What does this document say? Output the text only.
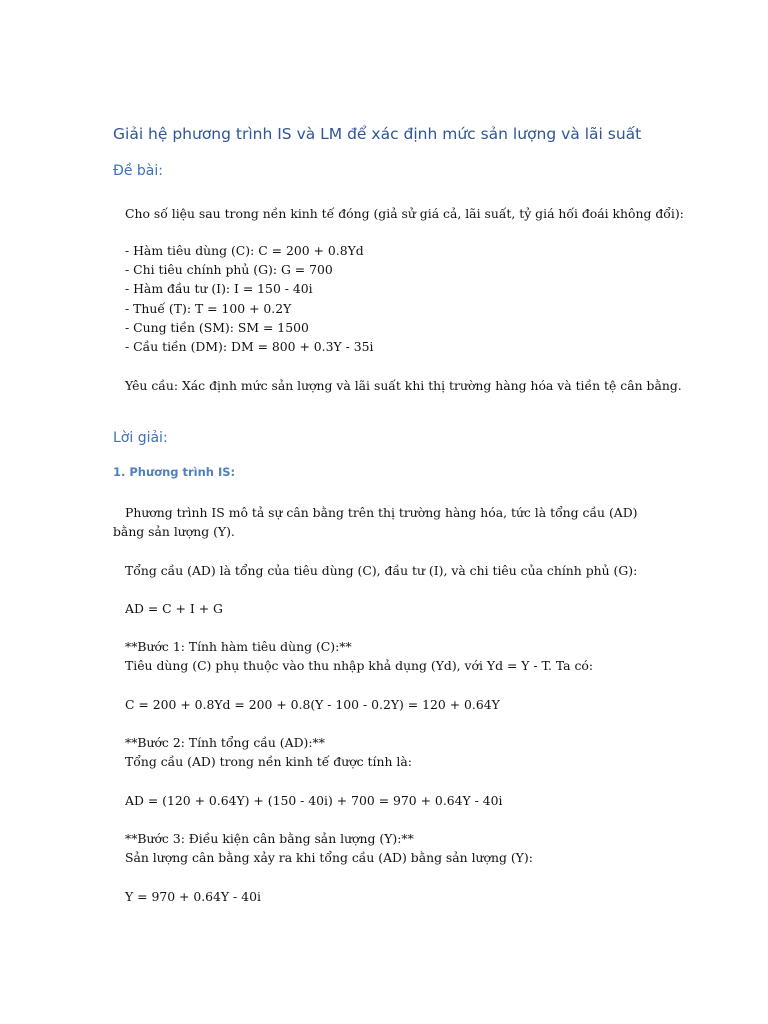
Giải hệ phương trình IS và LM để xác định mức sản lượng và lãi suất
Đề bài:
Cho số liệu sau trong nền kinh tế đóng (giả sử giá cả, lãi suất, tỷ giá hối đoái không đổi):
- Hàm tiêu dùng (C): C = 200 + 0.8Yd
- Chi tiêu chính phủ (G): G = 700
- Hàm đầu tư (I): I = 150 - 40i
- Thuế (T): T = 100 + 0.2Y
- Cung tiền (SM): SM = 1500
- Cầu tiền (DM): DM = 800 + 0.3Y - 35i
Yêu cầu: Xác định mức sản lượng và lãi suất khi thị trường hàng hóa và tiền tệ cân bằng.
Lời giải:
1. Phương trình IS:
Phương trình IS mô tả sự cân bằng trên thị trường hàng hóa, tức là tổng cầu (AD) bằng sản lượng (Y).
Tổng cầu (AD) là tổng của tiêu dùng (C), đầu tư (I), và chi tiêu của chính phủ (G):
AD = C + I + G
**Bước 1: Tính hàm tiêu dùng (C):**
Tiêu dùng (C) phụ thuộc vào thu nhập khả dụng (Yd), với Yd = Y - T. Ta có:
C = 200 + 0.8Yd = 200 + 0.8(Y - 100 - 0.2Y) = 120 + 0.64Y
**Bước 2: Tính tổng cầu (AD):**
Tổng cầu (AD) trong nền kinh tế được tính là:
AD = (120 + 0.64Y) + (150 - 40i) + 700 = 970 + 0.64Y - 40i
**Bước 3: Điều kiện cân bằng sản lượng (Y):**
Sản lượng cân bằng xảy ra khi tổng cầu (AD) bằng sản lượng (Y):
Y = 970 + 0.64Y - 40i
